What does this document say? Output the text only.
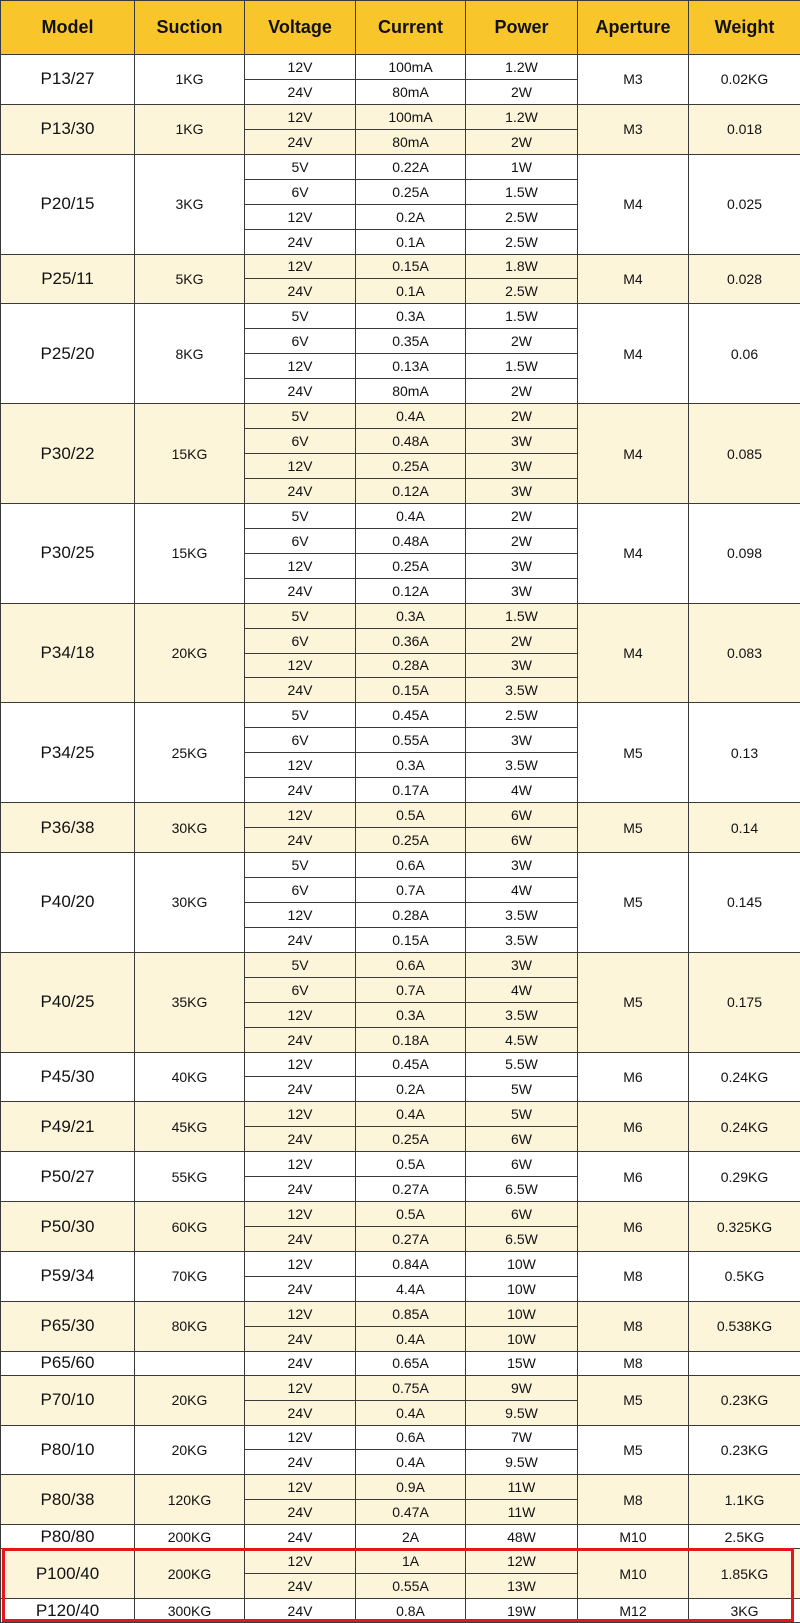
Model	Suction	Voltage	Current	Power	Aperture	Weight
P13/27	1KG	12V	100mA	1.2W	M3	0.02KG
		24V	80mA	2W		
P13/30	1KG	12V	100mA	1.2W	M3	0.018
		24V	80mA	2W		
P20/15	3KG	5V	0.22A	1W	M4	0.025
		6V	0.25A	1.5W		
		12V	0.2A	2.5W		
		24V	0.1A	2.5W		
P25/11	5KG	12V	0.15A	1.8W	M4	0.028
		24V	0.1A	2.5W		
P25/20	8KG	5V	0.3A	1.5W	M4	0.06
		6V	0.35A	2W		
		12V	0.13A	1.5W		
		24V	80mA	2W		
P30/22	15KG	5V	0.4A	2W	M4	0.085
		6V	0.48A	3W		
		12V	0.25A	3W		
		24V	0.12A	3W		
P30/25	15KG	5V	0.4A	2W	M4	0.098
		6V	0.48A	2W		
		12V	0.25A	3W		
		24V	0.12A	3W		
P34/18	20KG	5V	0.3A	1.5W	M4	0.083
		6V	0.36A	2W		
		12V	0.28A	3W		
		24V	0.15A	3.5W		
P34/25	25KG	5V	0.45A	2.5W	M5	0.13
		6V	0.55A	3W		
		12V	0.3A	3.5W		
		24V	0.17A	4W		
P36/38	30KG	12V	0.5A	6W	M5	0.14
		24V	0.25A	6W		
P40/20	30KG	5V	0.6A	3W	M5	0.145
		6V	0.7A	4W		
		12V	0.28A	3.5W		
		24V	0.15A	3.5W		
P40/25	35KG	5V	0.6A	3W	M5	0.175
		6V	0.7A	4W		
		12V	0.3A	3.5W		
		24V	0.18A	4.5W		
P45/30	40KG	12V	0.45A	5.5W	M6	0.24KG
		24V	0.2A	5W		
P49/21	45KG	12V	0.4A	5W	M6	0.24KG
		24V	0.25A	6W		
P50/27	55KG	12V	0.5A	6W	M6	0.29KG
		24V	0.27A	6.5W		
P50/30	60KG	12V	0.5A	6W	M6	0.325KG
		24V	0.27A	6.5W		
P59/34	70KG	12V	0.84A	10W	M8	0.5KG
		24V	4.4A	10W		
P65/30	80KG	12V	0.85A	10W	M8	0.538KG
		24V	0.4A	10W		
P65/60		24V	0.65A	15W	M8	
P70/10	20KG	12V	0.75A	9W	M5	0.23KG
		24V	0.4A	9.5W		
P80/10	20KG	12V	0.6A	7W	M5	0.23KG
		24V	0.4A	9.5W		
P80/38	120KG	12V	0.9A	11W	M8	1.1KG
		24V	0.47A	11W		
P80/80	200KG	24V	2A	48W	M10	2.5KG
P100/40	200KG	12V	1A	12W	M10	1.85KG
		24V	0.55A	13W		
P120/40	300KG	24V	0.8A	19W	M12	3KG
